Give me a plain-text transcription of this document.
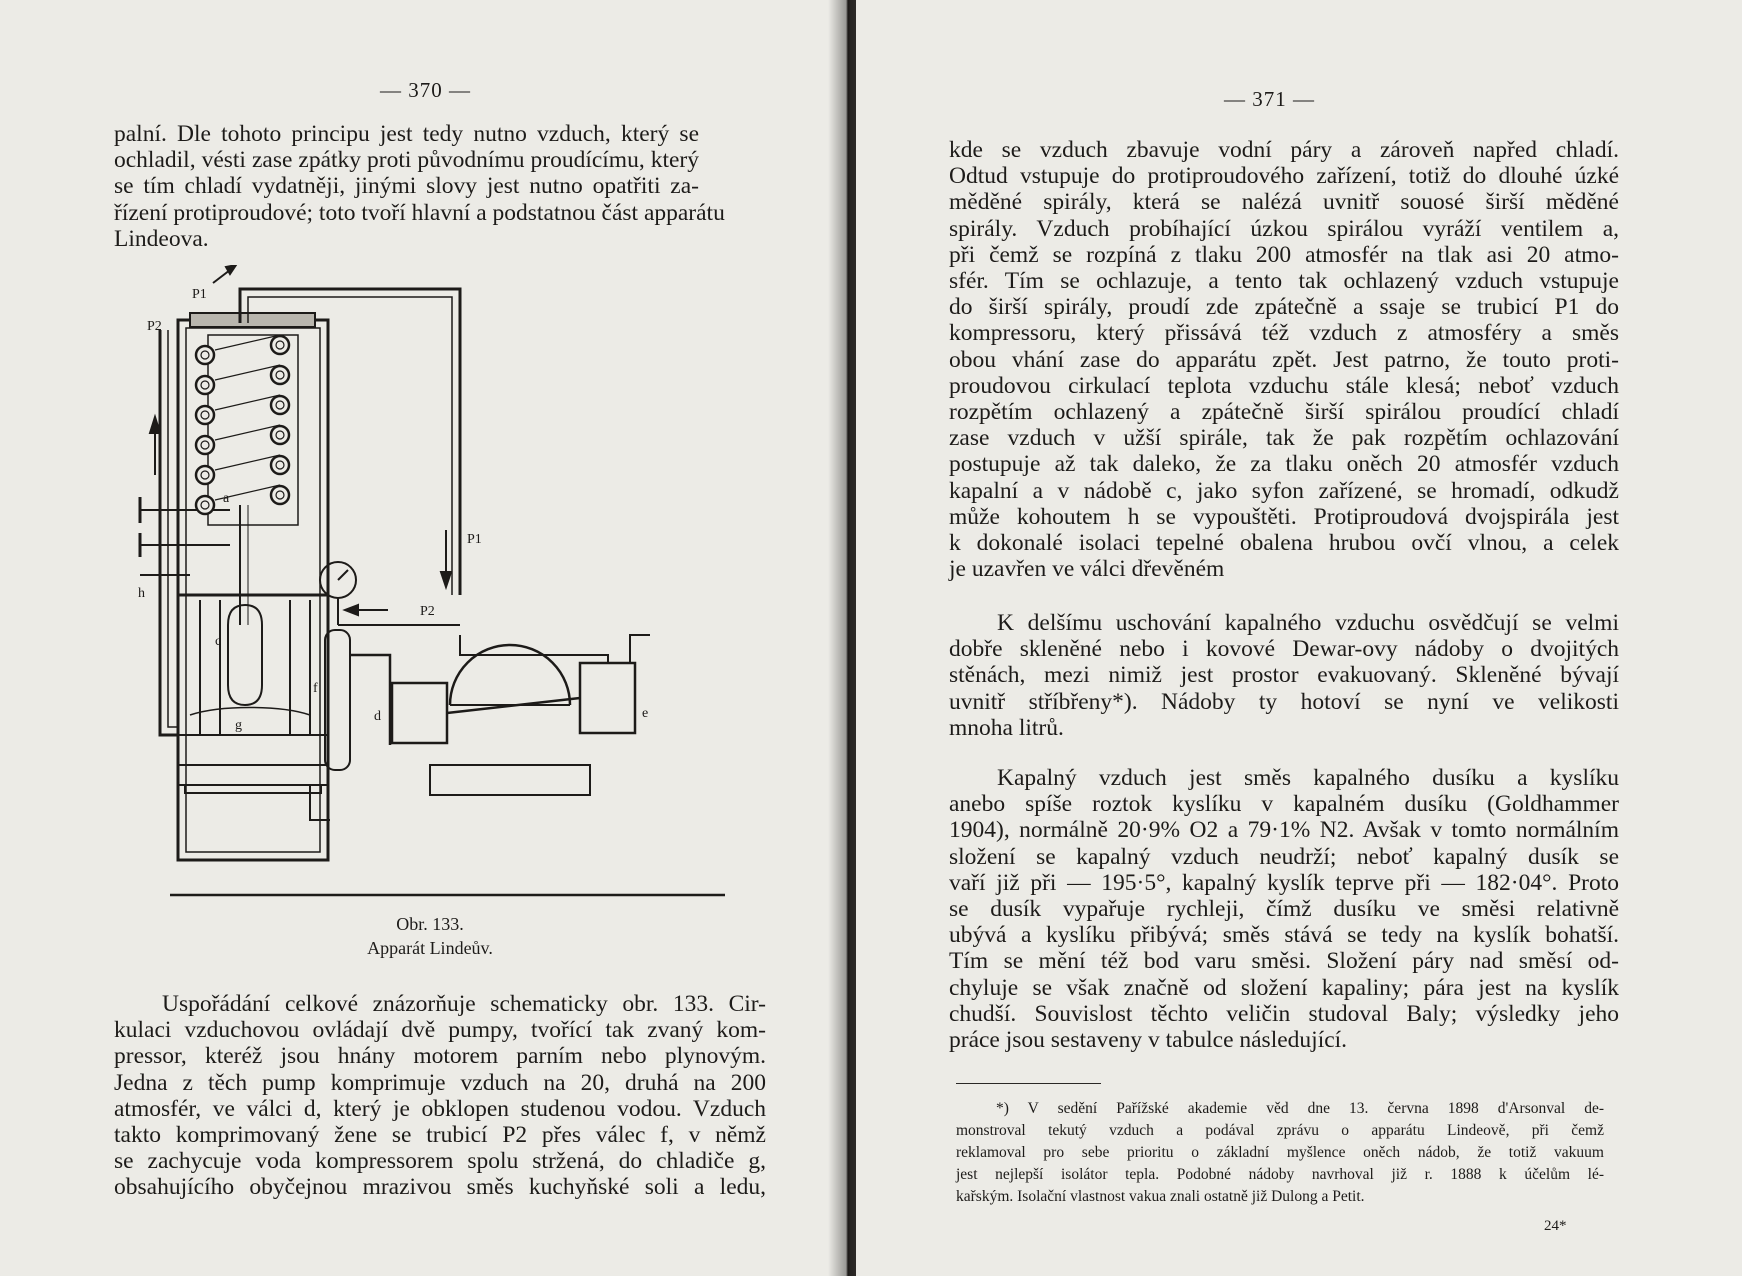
— 370 —
palní. Dle tohoto principu jest tedy nutno vzduch, který se
ochladil, vésti zase zpátky proti původnímu proudícímu, který
se tím chladí vydatněji, jinými slovy jest nutno opatřiti za-
řízení protiproudové; toto tvoří hlavní a podstatnou část apparátu
Lindeova.
P1
P2
P1
P2
a
h
c
g
f
d	e
Obr. 133.
Apparát Lindeův.
Uspořádání celkové znázorňuje schematicky obr. 133. Cir-
kulaci vzduchovou ovládají dvě pumpy, tvořící tak zvaný kom-
pressor, kteréž jsou hnány motorem parním nebo plynovým.
Jedna z těch pump komprimuje vzduch na 20, druhá na 200
atmosfér, ve válci d, který je obklopen studenou vodou. Vzduch
takto komprimovaný žene se trubicí P2 přes válec f, v němž
se zachycuje voda kompressorem spolu stržená, do chladiče g,
obsahujícího obyčejnou mrazivou směs kuchyňské soli a ledu,
— 371 —
kde se vzduch zbavuje vodní páry a zároveň napřed chladí.
Odtud vstupuje do protiproudového zařízení, totiž do dlouhé úzké
měděné spirály, která se nalézá uvnitř souosé širší měděné
spirály. Vzduch probíhající úzkou spirálou vyráží ventilem a,
při čemž se rozpíná z tlaku 200 atmosfér na tlak asi 20 atmo-
sfér. Tím se ochlazuje, a tento tak ochlazený vzduch vstupuje
do širší spirály, proudí zde zpátečně a ssaje se trubicí P1 do
kompressoru, který přissává též vzduch z atmosféry a směs
obou vhání zase do apparátu zpět. Jest patrno, že touto proti-
proudovou cirkulací teplota vzduchu stále klesá; neboť vzduch
rozpětím ochlazený a zpátečně širší spirálou proudící chladí
zase vzduch v užší spirále, tak že pak rozpětím ochlazování
postupuje až tak daleko, že za tlaku oněch 20 atmosfér vzduch
kapalní a v nádobě c, jako syfon zařízené, se hromadí, odkudž
může kohoutem h se vypouštěti. Protiproudová dvojspirála jest
k dokonalé isolaci tepelné obalena hrubou ovčí vlnou, a celek
je uzavřen ve válci dřevěném
K delšímu uschování kapalného vzduchu osvědčují se velmi
dobře skleněné nebo i kovové Dewar-ovy nádoby o dvojitých
stěnách, mezi nimiž jest prostor evakuovaný. Skleněné bývají
uvnitř stříbřeny*). Nádoby ty hotoví se nyní ve velikosti
mnoha litrů.
Kapalný vzduch jest směs kapalného dusíku a kyslíku
anebo spíše roztok kyslíku v kapalném dusíku (Goldhammer
1904), normálně 20·9% O2 a 79·1% N2. Avšak v tomto normálním
složení se kapalný vzduch neudrží; neboť kapalný dusík se
vaří již při — 195·5°, kapalný kyslík teprve při — 182·04°. Proto
se dusík vypařuje rychleji, čímž dusíku ve směsi relativně
ubývá a kyslíku přibývá; směs stává se tedy na kyslík bohatší.
Tím se mění též bod varu směsi. Složení páry nad směsí od-
chyluje se však značně od složení kapaliny; pára jest na kyslík
chudší. Souvislost těchto veličin studoval Baly; výsledky jeho
práce jsou sestaveny v tabulce následující.
*) V sedění Pařížské akademie věd dne 13. června 1898 d'Arsonval de-
monstroval tekutý vzduch a podával zprávu o apparátu Lindeově, při čemž
reklamoval pro sebe prioritu o základní myšlence oněch nádob, že totiž vakuum
jest nejlepší isolátor tepla. Podobné nádoby navrhoval již r. 1888 k účelům lé-
kařským. Isolační vlastnost vakua znali ostatně již Dulong a Petit.
24*
